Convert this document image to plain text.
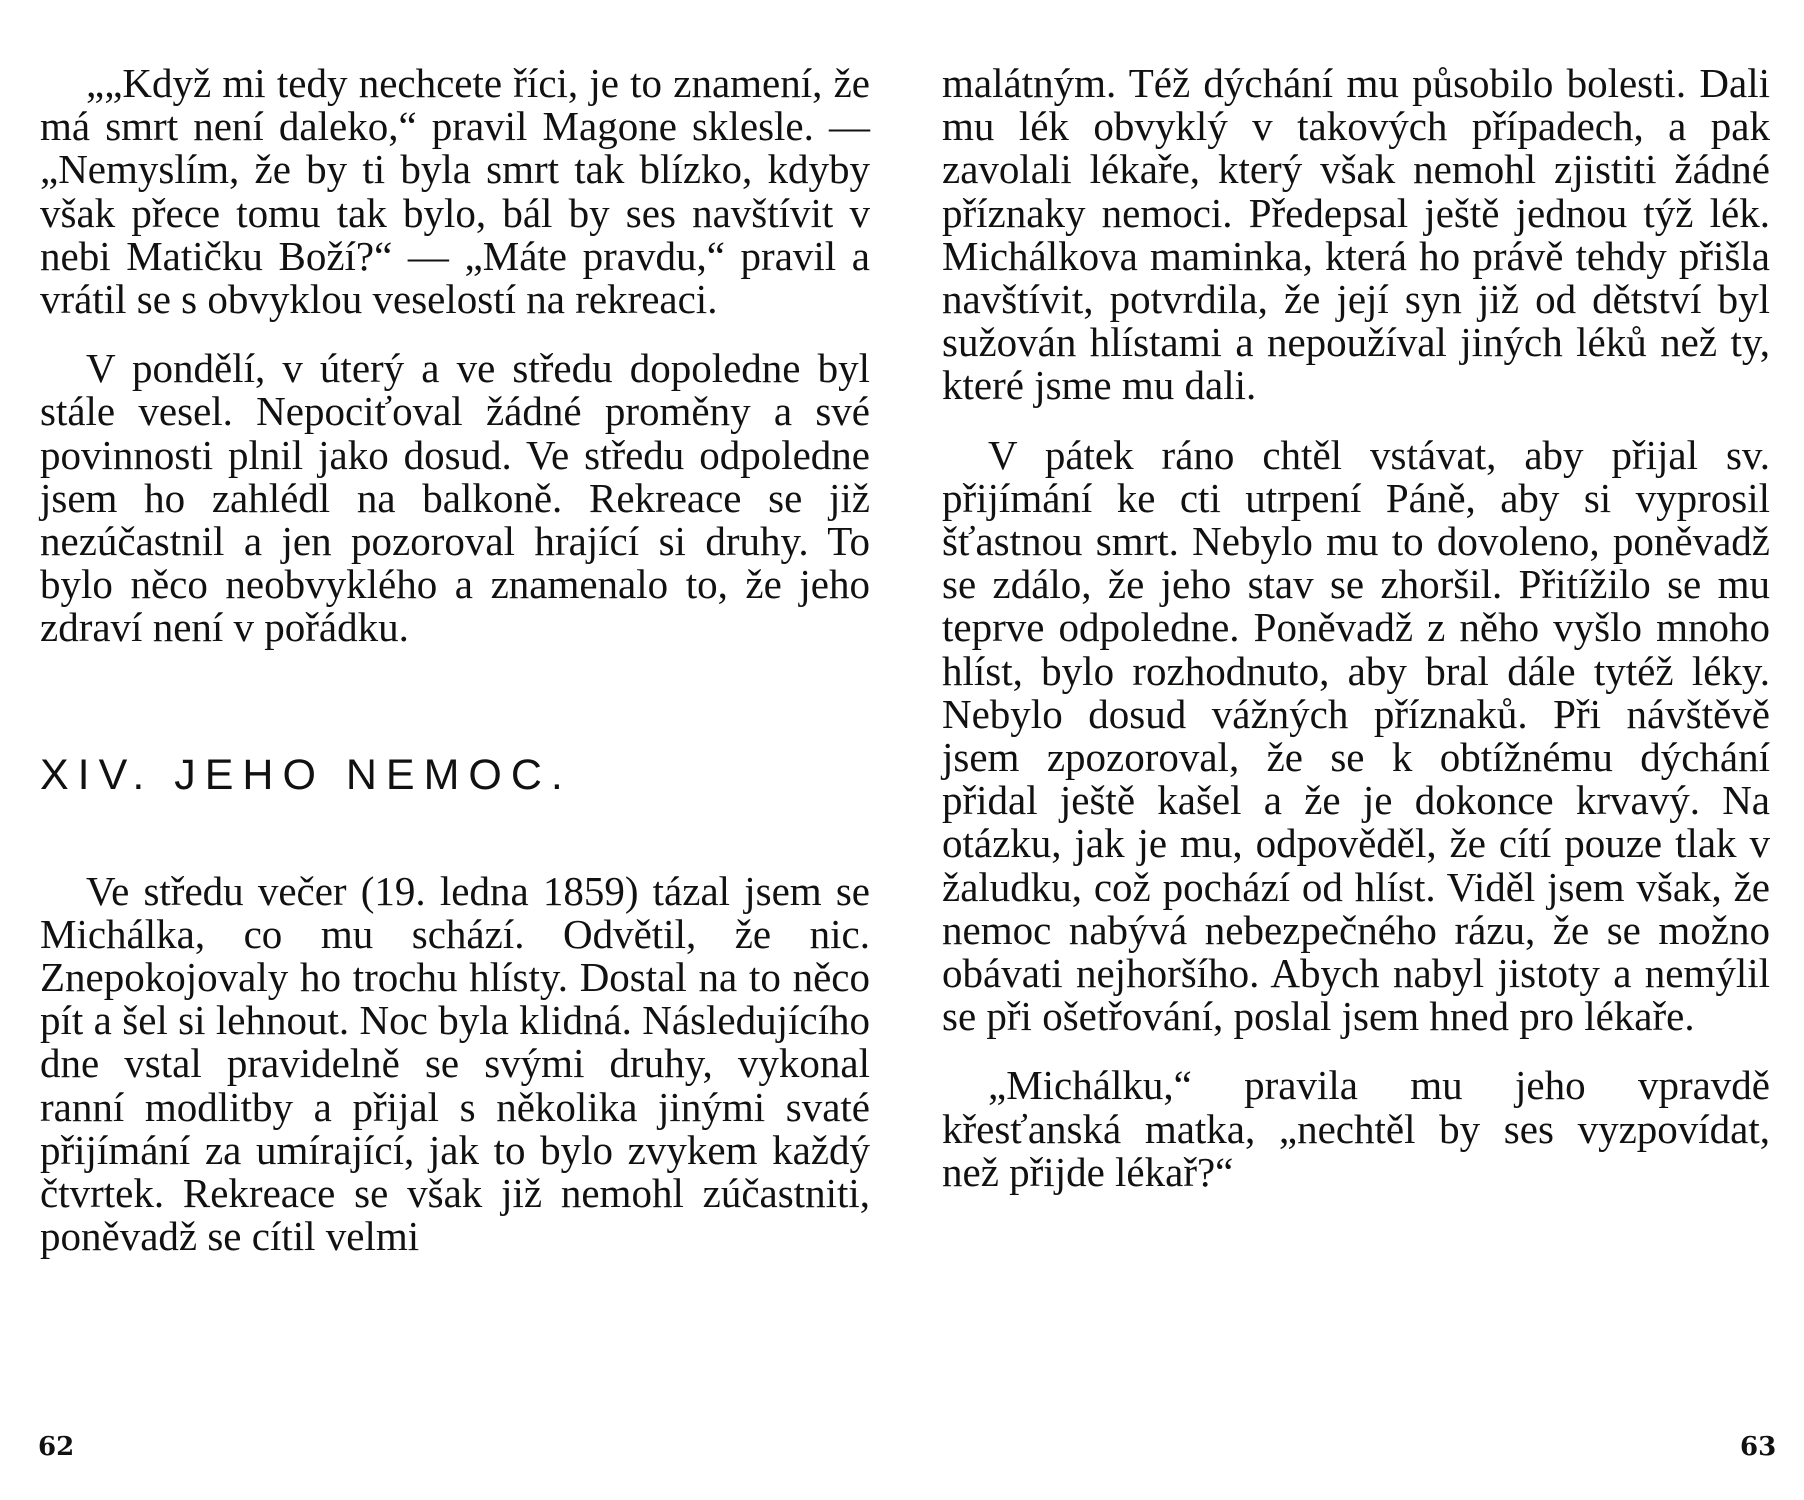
„„Když mi tedy nechcete říci, je to znamení, že má smrt není daleko,“ pravil Magone sklesle. — „Nemyslím, že by ti byla smrt tak blízko, kdyby však přece tomu tak bylo, bál by ses navštívit v nebi Matičku Boží?“ — „Máte pravdu,“ pravil a vrátil se s obvyklou veselostí na rekreaci.

V pondělí, v úterý a ve středu dopoledne byl stále vesel. Nepociťoval žádné proměny a své povinnosti plnil jako dosud. Ve středu odpoledne jsem ho zahlédl na balkoně. Rekreace se již nezúčastnil a jen pozoroval hrající si druhy. To bylo něco neobvyklého a znamenalo to, že jeho zdraví není v pořádku.

XIV. JEHO NEMOC.

Ve středu večer (19. ledna 1859) tázal jsem se Michálka, co mu schází. Odvětil, že nic. Znepokojovaly ho trochu hlísty. Dostal na to něco pít a šel si lehnout. Noc byla klidná. Následujícího dne vstal pravidelně se svými druhy, vykonal ranní modlitby a přijal s několika jinými svaté přijímání za umírající, jak to bylo zvykem každý čtvrtek. Rekreace se však již nemohl zúčastniti, poněvadž se cítil velmi

62

malátným. Též dýchání mu působilo bolesti. Dali mu lék obvyklý v takových případech, a pak zavolali lékaře, který však nemohl zjistiti žádné příznaky nemoci. Předepsal ještě jednou týž lék. Michálkova maminka, která ho právě tehdy přišla navštívit, potvrdila, že její syn již od dětství byl sužován hlístami a nepoužíval jiných léků než ty, které jsme mu dali.

V pátek ráno chtěl vstávat, aby přijal sv. přijímání ke cti utrpení Páně, aby si vyprosil šťastnou smrt. Nebylo mu to dovoleno, poněvadž se zdálo, že jeho stav se zhoršil. Přitížilo se mu teprve odpoledne. Poněvadž z něho vyšlo mnoho hlíst, bylo rozhodnuto, aby bral dále tytéž léky. Nebylo dosud vážných příznaků. Při návštěvě jsem zpozoroval, že se k obtížnému dýchání přidal ještě kašel a že je dokonce krvavý. Na otázku, jak je mu, odpověděl, že cítí pouze tlak v žaludku, což pochází od hlíst. Viděl jsem však, že nemoc nabývá nebezpečného rázu, že se možno obávati nejhoršího. Abych nabyl jistoty a nemýlil se při ošetřování, poslal jsem hned pro lékaře.

„Michálku,“ pravila mu jeho vpravdě křesťanská matka, „nechtěl by ses vyzpovídat, než přijde lékař?“

63
